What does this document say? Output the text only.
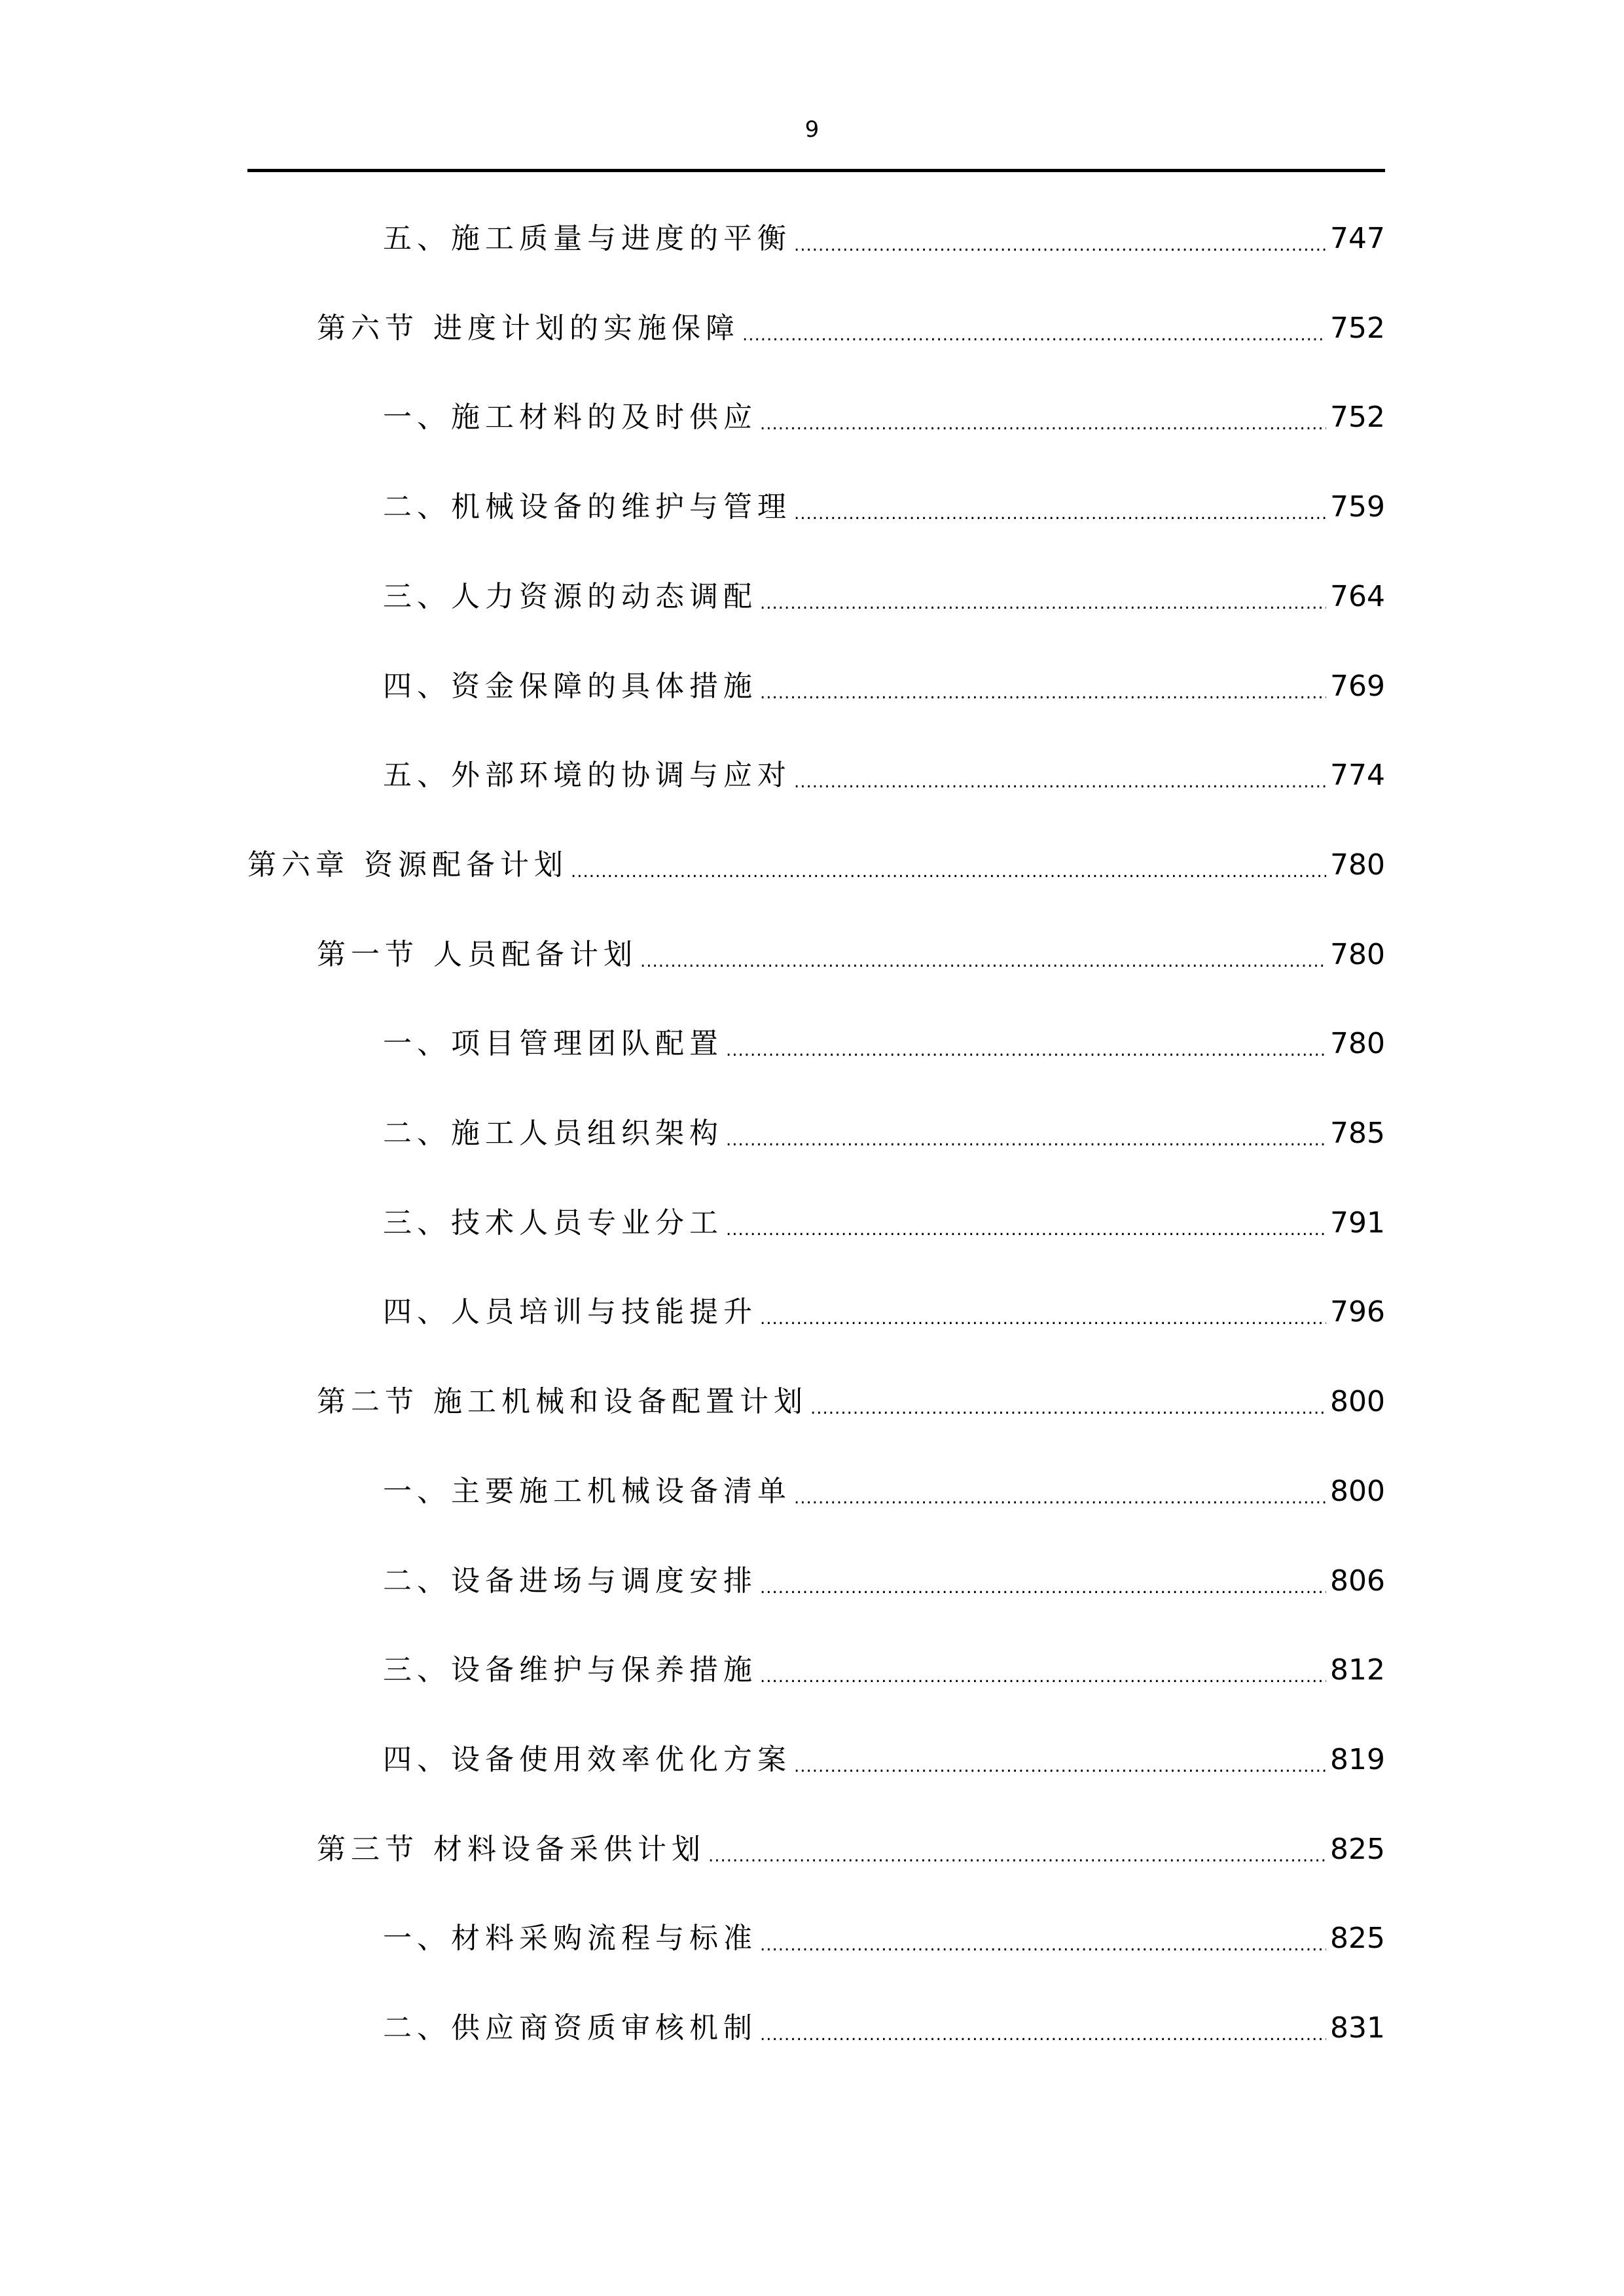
9
五、施工质量与进度的平衡 .....	747
第六节 进度计划的实施保障 .....	752
一、施工材料的及时供应 .....	752
二、机械设备的维护与管理 .....	759
三、人力资源的动态调配 .....	764
四、资金保障的具体措施 .....	769
五、外部环境的协调与应对 .....	774
第六章 资源配备计划 .....	780
第一节 人员配备计划 .....	780
一、项目管理团队配置 .....	780
二、施工人员组织架构 .....	785
三、技术人员专业分工 .....	791
四、人员培训与技能提升 .....	796
第二节 施工机械和设备配置计划 .....	800
一、主要施工机械设备清单 .....	800
二、设备进场与调度安排 .....	806
三、设备维护与保养措施 .....	812
四、设备使用效率优化方案 .....	819
第三节 材料设备采供计划 .....	825
一、材料采购流程与标准 .....	825
二、供应商资质审核机制 .....	831
